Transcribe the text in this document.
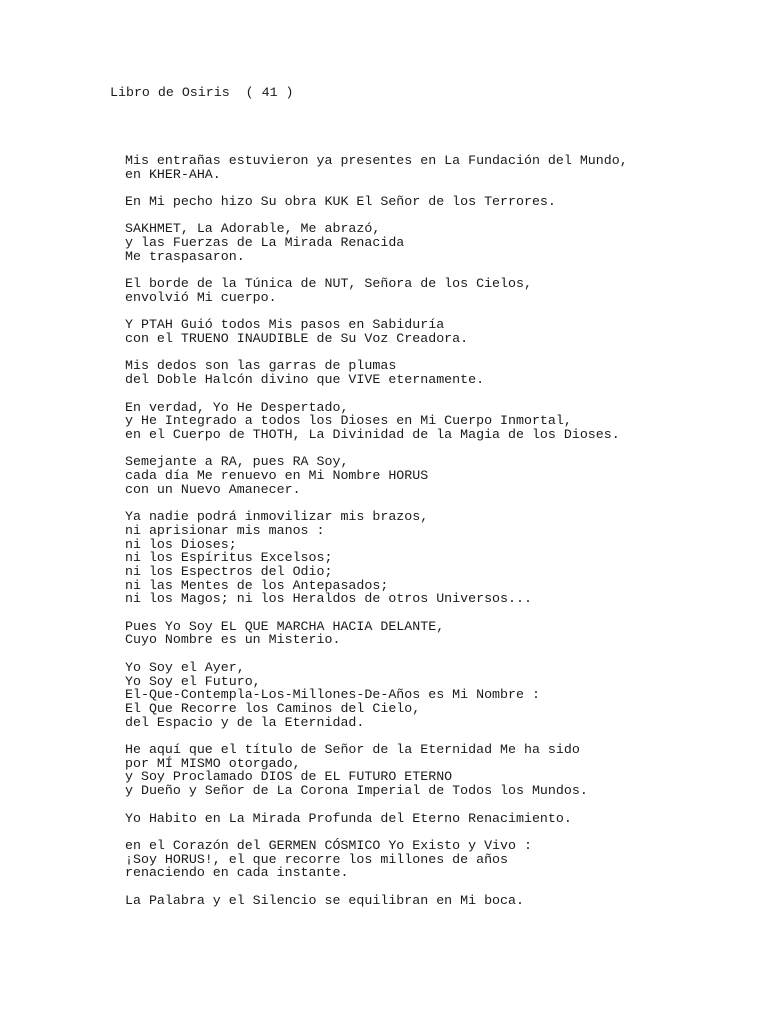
Libro de Osiris  ( 41 )
Mis entrañas estuvieron ya presentes en La Fundación del Mundo,
en KHER-AHA.
En Mi pecho hizo Su obra KUK El Señor de los Terrores.
SAKHMET, La Adorable, Me abrazó,
y las Fuerzas de La Mirada Renacida
Me traspasaron.
El borde de la Túnica de NUT, Señora de los Cielos,
envolvió Mi cuerpo.
Y PTAH Guió todos Mis pasos en Sabiduría
con el TRUENO INAUDIBLE de Su Voz Creadora.
Mis dedos son las garras de plumas
del Doble Halcón divino que VIVE eternamente.
En verdad, Yo He Despertado,
y He Integrado a todos los Dioses en Mi Cuerpo Inmortal,
en el Cuerpo de THOTH, La Divinidad de la Magia de los Dioses.
Semejante a RA, pues RA Soy,
cada día Me renuevo en Mi Nombre HORUS
con un Nuevo Amanecer.
Ya nadie podrá inmovilizar mis brazos,
ni aprisionar mis manos :
ni los Dioses;
ni los Espíritus Excelsos;
ni los Espectros del Odio;
ni las Mentes de los Antepasados;
ni los Magos; ni los Heraldos de otros Universos...
Pues Yo Soy EL QUE MARCHA HACIA DELANTE,
Cuyo Nombre es un Misterio.
Yo Soy el Ayer,
Yo Soy el Futuro,
El-Que-Contempla-Los-Millones-De-Años es Mi Nombre :
El Que Recorre los Caminos del Cielo,
del Espacio y de la Eternidad.
He aquí que el título de Señor de la Eternidad Me ha sido
por MÍ MISMO otorgado,
y Soy Proclamado DIOS de EL FUTURO ETERNO
y Dueño y Señor de La Corona Imperial de Todos los Mundos.
Yo Habito en La Mirada Profunda del Eterno Renacimiento.
en el Corazón del GERMEN CÓSMICO Yo Existo y Vivo :
¡Soy HORUS!, el que recorre los millones de años
renaciendo en cada instante.
La Palabra y el Silencio se equilibran en Mi boca.
